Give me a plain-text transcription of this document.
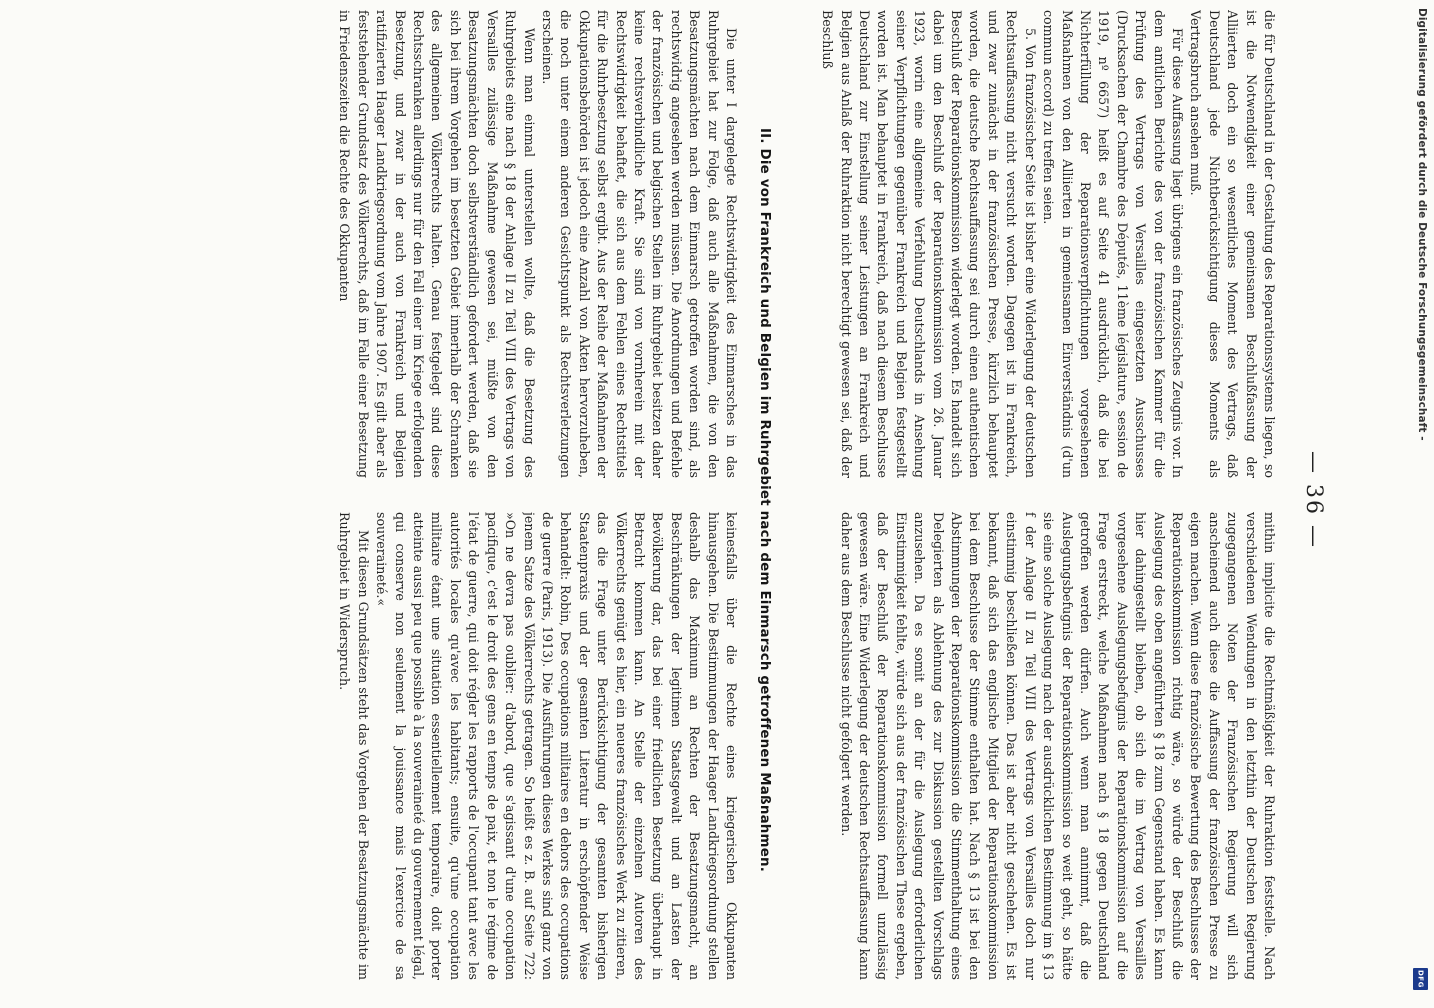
— 36 —

die für Deutschland in der Gestaltung des Reparationssystems liegen, so ist die Notwendigkeit einer gemeinsamen Beschlußfassung der Alliierten doch ein so wesentliches Moment des Vertrags, daß Deutschland jede Nichtberücksichtigung dieses Moments als Vertragsbruch ansehen muß.

Für diese Auffassung liegt übrigens ein französisches Zeugnis vor. In dem amtlichen Berichte des von der französischen Kammer für die Prüfung des Vertrags von Versailles eingesetzten Ausschusses (Drucksachen der Chambre des Députés, 11ème législature, session de 1919, nº 6657) heißt es auf Seite 41 ausdrücklich, daß die bei Nichterfüllung der Reparationsverpflichtungen vorgesehenen Maßnahmen von den Alliierten in gemeinsamen Einverständnis (d'un commun accord) zu treffen seien.

5. Von französischer Seite ist bisher eine Widerlegung der deutschen Rechtsauffassung nicht versucht worden. Dagegen ist in Frankreich, und zwar zunächst in der französischen Presse, kürzlich behauptet worden, die deutsche Rechtsauffassung sei durch einen authentischen Beschluß der Reparationskommission widerlegt worden. Es handelt sich dabei um den Beschluß der Reparationskommission vom 26. Januar 1923, worin eine allgemeine Verfehlung Deutschlands in Ansehung seiner Verpflichtungen gegenüber Frankreich und Belgien festgestellt worden ist. Man behauptet in Frankreich, daß nach diesem Beschlusse Deutschland zur Einstellung seiner Leistungen an Frankreich und Belgien aus Anlaß der Ruhraktion nicht berechtigt gewesen sei, daß der Beschluß

mithin implicite die Rechtmäßigkeit der Ruhraktion feststelle. Nach verschiedenen Wendungen in den letzthin der Deutschen Regierung zugegangenen Noten der Französischen Regierung will sich anscheinend auch diese die Auffassung der französischen Presse zu eigen machen. Wenn diese französische Bewertung des Beschlusses der Reparationskommission richtig wäre, so würde der Beschluß die Auslegung des oben angeführten § 18 zum Gegenstand haben. Es kann hier dahingestellt bleiben, ob sich die im Vertrag von Versailles vorgesehene Auslegungsbefugnis der Reparationskommission auf die Frage erstreckt, welche Maßnahmen nach § 18 gegen Deutschland getroffen werden dürfen. Auch wenn man annimmt, daß die Auslegungsbefugnis der Reparationskommission so weit geht, so hätte sie eine solche Auslegung nach der ausdrücklichen Bestimmung im § 13 f der Anlage II zu Teil VIII des Vertrags von Versailles doch nur einstimmig beschließen können. Das ist aber nicht geschehen. Es ist bekannt, daß sich das englische Mitglied der Reparationskommission bei dem Beschlusse der Stimme enthalten hat. Nach § 13 ist bei den Abstimmungen der Reparationskommission die Stimmenthaltung eines Delegierten als Ablehnung des zur Diskussion gestellten Vorschlags anzusehen. Da es somit an der für die Auslegung erforderlichen Einstimmigkeit fehlte, würde sich aus der französischen These ergeben, daß der Beschluß der Reparationskommission formell unzulässig gewesen wäre. Eine Widerlegung der deutschen Rechtsauffassung kann daher aus dem Beschlusse nicht gefolgert werden.

II. Die von Frankreich und Belgien im Ruhrgebiet nach dem Einmarsch getroffenen Maßnahmen.

Die unter I dargelegte Rechtswidrigkeit des Einmarsches in das Ruhrgebiet hat zur Folge, daß auch alle Maßnahmen, die von den Besatzungsmächten nach dem Einmarsch getroffen worden sind, als rechtswidrig angesehen werden müssen. Die Anordnungen und Befehle der französischen und belgischen Stellen im Ruhrgebiet besitzen daher keine rechtsverbindliche Kraft. Sie sind von vornherein mit der Rechtswidrigkeit behaftet, die sich aus dem Fehlen eines Rechtstitels für die Ruhrbesetzung selbst ergibt. Aus der Reihe der Maßnahmen der Okkupationsbehörden ist jedoch eine Anzahl von Akten hervorzuheben, die noch unter einem anderen Gesichtspunkt als Rechtsverletzungen erscheinen.

Wenn man einmal unterstellen wollte, daß die Besetzung des Ruhrgebiets eine nach § 18 der Anlage II zu Teil VIII des Vertrags von Versailles zulässige Maßnahme gewesen sei, müßte von den Besatzungsmächten doch selbstverständlich gefordert werden, daß sie sich bei ihrem Vorgehen im besetzten Gebiet innerhalb der Schranken des allgemeinen Völkerrechts halten. Genau festgelegt sind diese Rechtsschranken allerdings nur für den Fall einer im Kriege erfolgenden Besetzung, und zwar in der auch von Frankreich und Belgien ratifizierten Haager Landkriegsordnung vom Jahre 1907. Es gilt aber als feststehender Grundsatz des Völkerrechts, daß im Falle einer Besetzung in Friedenszeiten die Rechte des Okkupanten

keinesfalls über die Rechte eines kriegerischen Okkupanten hinausgehen. Die Bestimmungen der Haager Landkriegsordnung stellen deshalb das Maximum an Rechten der Besatzungsmacht, an Beschränkungen der legitimen Staatsgewalt und an Lasten der Bevölkerung dar, das bei einer friedlichen Besetzung überhaupt in Betracht kommen kann. An Stelle der einzelnen Autoren des Völkerrechts genügt es hier, ein neueres französisches Werk zu zitieren, das die Frage unter Berücksichtigung der gesamten bisherigen Staatenpraxis und der gesamten Literatur in erschöpfender Weise behandelt: Robin, Des occupations militaires en dehors des occupations de guerre (Paris, 1913). Die Ausführungen dieses Werkes sind ganz von jenem Satze des Völkerrechts getragen. So heißt es z. B. auf Seite 722: »On ne devra pas oublier: d'abord, que s'agissant d'une occupation pacifique, c'est le droit des gens en temps de paix, et non le régime de l'état de guerre, qui doit régler les rapports de l'occupant tant avec les autorités locales qu'avec les habitants; ensuite, qu'une occupation militaire étant une situation essentiellement temporaire, doit porter atteinte aussi peu que possible à la souveraineté du gouvernement légal, qui conserve non seulement la jouissance mais l'exercice de sa souveraineté.«

Mit diesen Grundsätzen steht das Vorgehen der Besatzungsmächte im Ruhrgebiet in Widerspruch.

Digitalisierung gefördert durch die Deutsche Forschungsgemeinschaft -
DFG
